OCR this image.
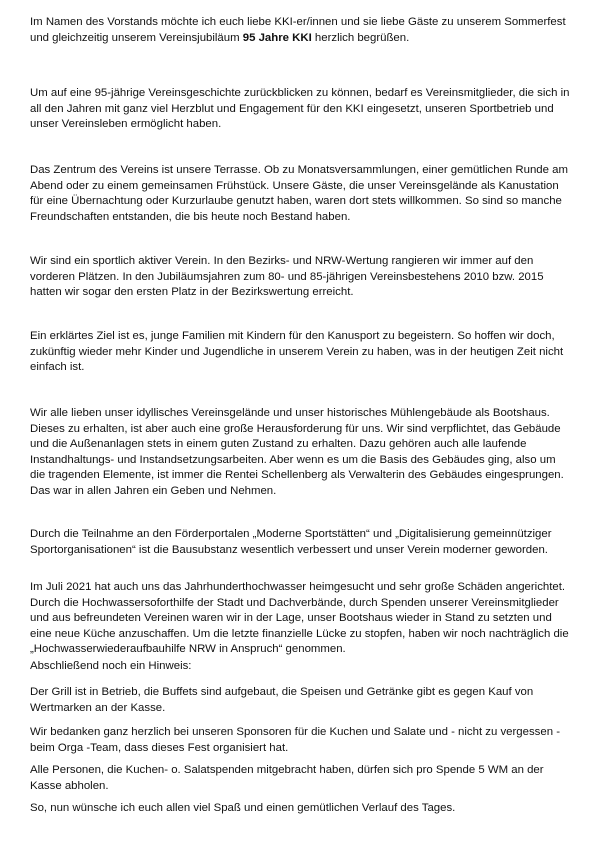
Im Namen des Vorstands möchte ich euch liebe KKI-er/innen und sie liebe Gäste zu unserem Sommerfest und gleichzeitig unserem Vereinsjubiläum 95 Jahre KKI herzlich begrüßen.

Um auf eine 95-jährige Vereinsgeschichte zurückblicken zu können, bedarf es Vereinsmitglieder, die sich in all den Jahren mit ganz viel Herzblut und Engagement für den KKI eingesetzt, unseren Sportbetrieb und unser Vereinsleben ermöglicht haben.

Das Zentrum des Vereins ist unsere Terrasse. Ob zu Monatsversammlungen, einer gemütlichen Runde am Abend oder zu einem gemeinsamen Frühstück. Unsere Gäste, die unser Vereinsgelände als Kanustation für eine Übernachtung oder Kurzurlaube genutzt haben, waren dort stets willkommen. So sind so manche Freundschaften entstanden, die bis heute noch Bestand haben.

Wir sind ein sportlich aktiver Verein. In den Bezirks- und NRW-Wertung rangieren wir immer auf den vorderen Plätzen. In den Jubiläumsjahren zum 80- und 85-jährigen Vereinsbestehens 2010 bzw. 2015 hatten wir sogar den ersten Platz in der Bezirkswertung erreicht.

Ein erklärtes Ziel ist es, junge Familien mit Kindern für den Kanusport zu begeistern. So hoffen wir doch, zukünftig wieder mehr Kinder und Jugendliche in unserem Verein zu haben, was in der heutigen Zeit nicht einfach ist.

Wir alle lieben unser idyllisches Vereinsgelände und unser historisches Mühlengebäude als Bootshaus. Dieses zu erhalten, ist aber auch eine große Herausforderung für uns. Wir sind verpflichtet, das Gebäude und die Außenanlagen stets in einem guten Zustand zu erhalten. Dazu gehören auch alle laufende Instandhaltungs- und Instandsetzungsarbeiten. Aber wenn es um die Basis des Gebäudes ging, also um die tragenden Elemente, ist immer die Rentei Schellenberg als Verwalterin des Gebäudes eingesprungen. Das war in allen Jahren ein Geben und Nehmen.

Durch die Teilnahme an den Förderportalen „Moderne Sportstätten“ und „Digitalisierung gemeinnütziger Sportorganisationen“ ist die Bausubstanz wesentlich verbessert und unser Verein moderner geworden.

Im Juli 2021 hat auch uns das Jahrhunderthochwasser heimgesucht und sehr große Schäden angerichtet. Durch die Hochwassersoforthilfe der Stadt und Dachverbände, durch Spenden unserer Vereinsmitglieder und aus befreundeten Vereinen waren wir in der Lage, unser Bootshaus wieder in Stand zu setzten und eine neue Küche anzuschaffen. Um die letzte finanzielle Lücke zu stopfen, haben wir noch nachträglich die „Hochwasserwiederaufbauhilfe NRW in Anspruch“ genommen.

Abschließend noch ein Hinweis:

Der Grill ist in Betrieb, die Buffets sind aufgebaut, die Speisen und Getränke gibt es gegen Kauf von Wertmarken an der Kasse.

Wir bedanken ganz herzlich bei unseren Sponsoren für die Kuchen und Salate und - nicht zu vergessen - beim Orga -Team, dass dieses Fest organisiert hat.

Alle Personen, die Kuchen- o. Salatspenden mitgebracht haben, dürfen sich pro Spende 5 WM an der Kasse abholen.

So, nun wünsche ich euch allen viel Spaß und einen gemütlichen Verlauf des Tages.
